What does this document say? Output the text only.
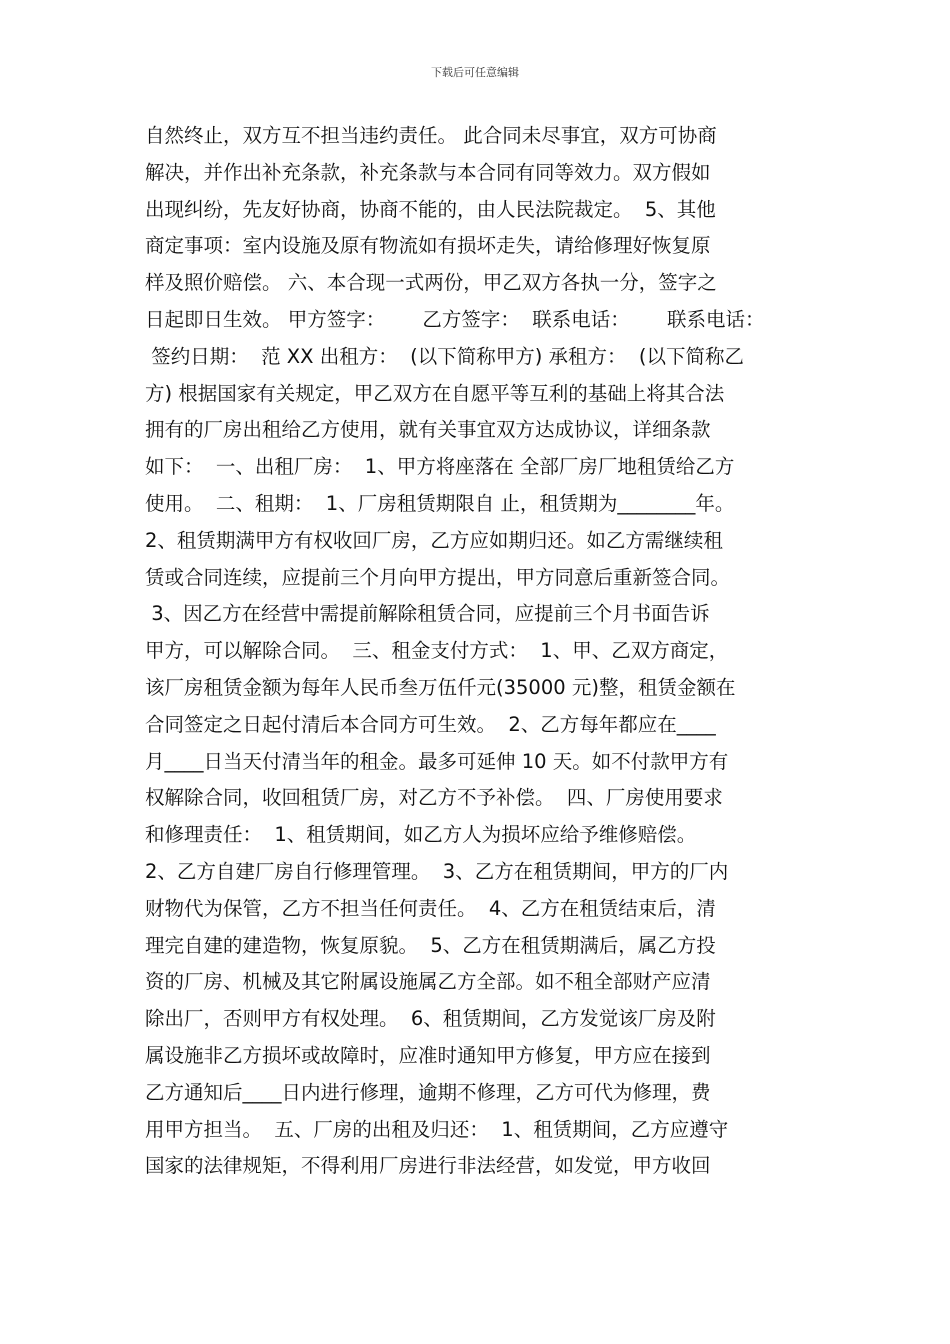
下载后可任意编辑
自然终止，双方互不担当违约责任。 此合同未尽事宜，双方可协商
解决，并作出补充条款，补充条款与本合同有同等效力。双方假如
出现纠纷，先友好协商，协商不能的，由人民法院裁定。  5、其他
商定事项：室内设施及原有物流如有损坏走失，请给修理好恢复原
样及照价赔偿。 六、本合现一式两份，甲乙双方各执一分，签字之
日起即日生效。 甲方签字：      乙方签字：  联系电话：      联系电话：
签约日期：  范 XX 出租方：  (以下简称甲方) 承租方：  (以下简称乙
方) 根据国家有关规定，甲乙双方在自愿平等互利的基础上将其合法
拥有的厂房出租给乙方使用，就有关事宜双方达成协议，详细条款
如下：  一、出租厂房：  1、甲方将座落在 全部厂房厂地租赁给乙方
使用。  二、租期：  1、厂房租赁期限自 止，租赁期为________年。
2、租赁期满甲方有权收回厂房，乙方应如期归还。如乙方需继续租
赁或合同连续，应提前三个月向甲方提出，甲方同意后重新签合同。
3、因乙方在经营中需提前解除租赁合同，应提前三个月书面告诉
甲方，可以解除合同。  三、租金支付方式：  1、甲、乙双方商定，
该厂房租赁金额为每年人民币叁万伍仟元(35000 元)整，租赁金额在
合同签定之日起付清后本合同方可生效。  2、乙方每年都应在____
月____日当天付清当年的租金。最多可延伸 10 天。如不付款甲方有
权解除合同，收回租赁厂房，对乙方不予补偿。  四、厂房使用要求
和修理责任：  1、租赁期间，如乙方人为损坏应给予维修赔偿。
2、乙方自建厂房自行修理管理。  3、乙方在租赁期间，甲方的厂内
财物代为保管，乙方不担当任何责任。  4、乙方在租赁结束后，清
理完自建的建造物，恢复原貌。  5、乙方在租赁期满后，属乙方投
资的厂房、机械及其它附属设施属乙方全部。如不租全部财产应清
除出厂，否则甲方有权处理。  6、租赁期间，乙方发觉该厂房及附
属设施非乙方损坏或故障时，应准时通知甲方修复，甲方应在接到
乙方通知后____日内进行修理，逾期不修理，乙方可代为修理，费
用甲方担当。  五、厂房的出租及归还：  1、租赁期间，乙方应遵守
国家的法律规矩，不得利用厂房进行非法经营，如发觉，甲方收回
